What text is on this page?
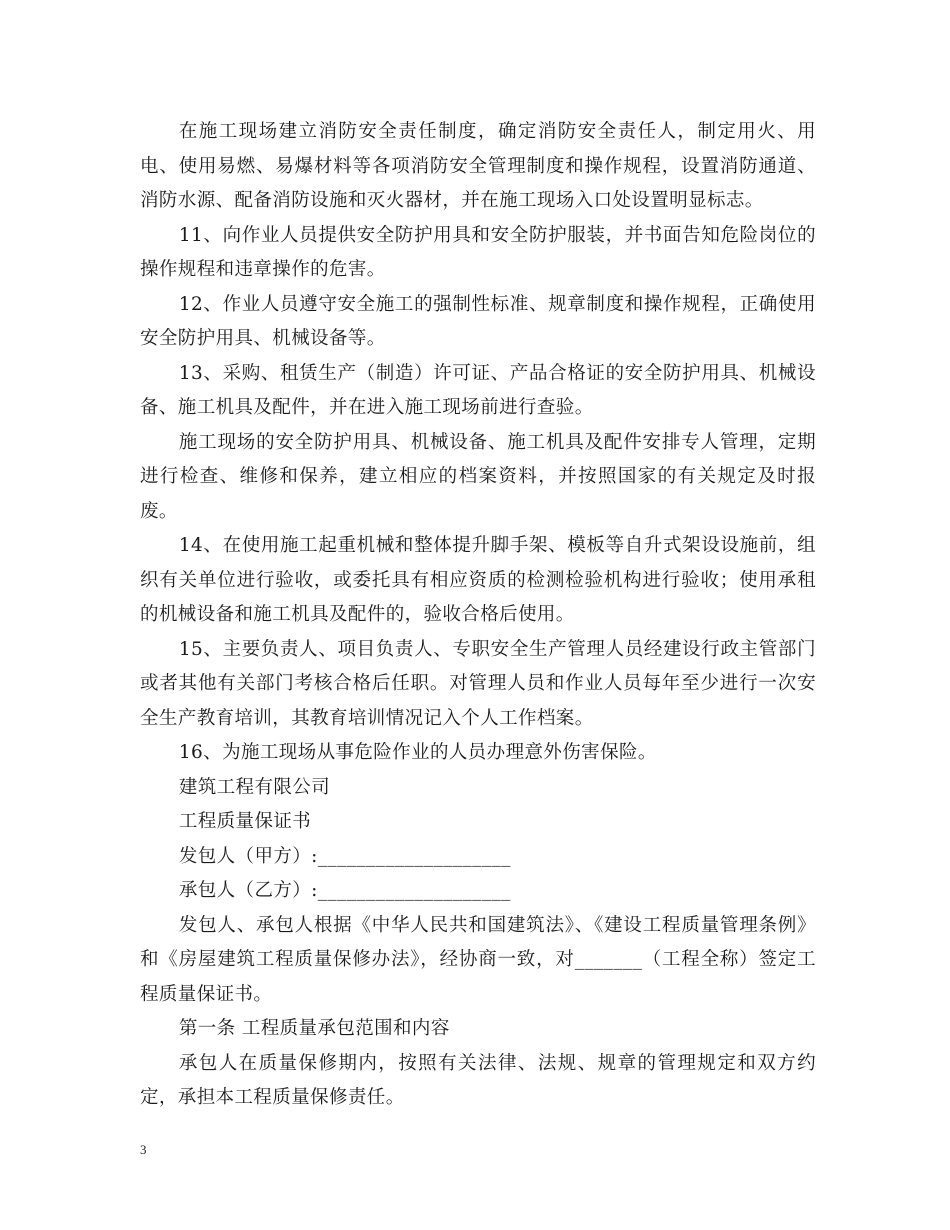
在施工现场建立消防安全责任制度，确定消防安全责任人，制定用火、用电、使用易燃、易爆材料等各项消防安全管理制度和操作规程，设置消防通道、消防水源、配备消防设施和灭火器材，并在施工现场入口处设置明显标志。

11、向作业人员提供安全防护用具和安全防护服装，并书面告知危险岗位的操作规程和违章操作的危害。

12、作业人员遵守安全施工的强制性标准、规章制度和操作规程，正确使用安全防护用具、机械设备等。

13、采购、租赁生产（制造）许可证、产品合格证的安全防护用具、机械设备、施工机具及配件，并在进入施工现场前进行查验。

施工现场的安全防护用具、机械设备、施工机具及配件安排专人管理，定期进行检查、维修和保养，建立相应的档案资料，并按照国家的有关规定及时报废。

14、在使用施工起重机械和整体提升脚手架、模板等自升式架设设施前，组织有关单位进行验收，或委托具有相应资质的检测检验机构进行验收；使用承租的机械设备和施工机具及配件的，验收合格后使用。

15、主要负责人、项目负责人、专职安全生产管理人员经建设行政主管部门或者其他有关部门考核合格后任职。对管理人员和作业人员每年至少进行一次安全生产教育培训，其教育培训情况记入个人工作档案。

16、为施工现场从事危险作业的人员办理意外伤害保险。

建筑工程有限公司

工程质量保证书

发包人（甲方）:____________________

承包人（乙方）:____________________

发包人、承包人根据《中华人民共和国建筑法》、《建设工程质量管理条例》和《房屋建筑工程质量保修办法》，经协商一致，对_______（工程全称）签定工程质量保证书。

第一条 工程质量承包范围和内容

承包人在质量保修期内，按照有关法律、法规、规章的管理规定和双方约定，承担本工程质量保修责任。

3
